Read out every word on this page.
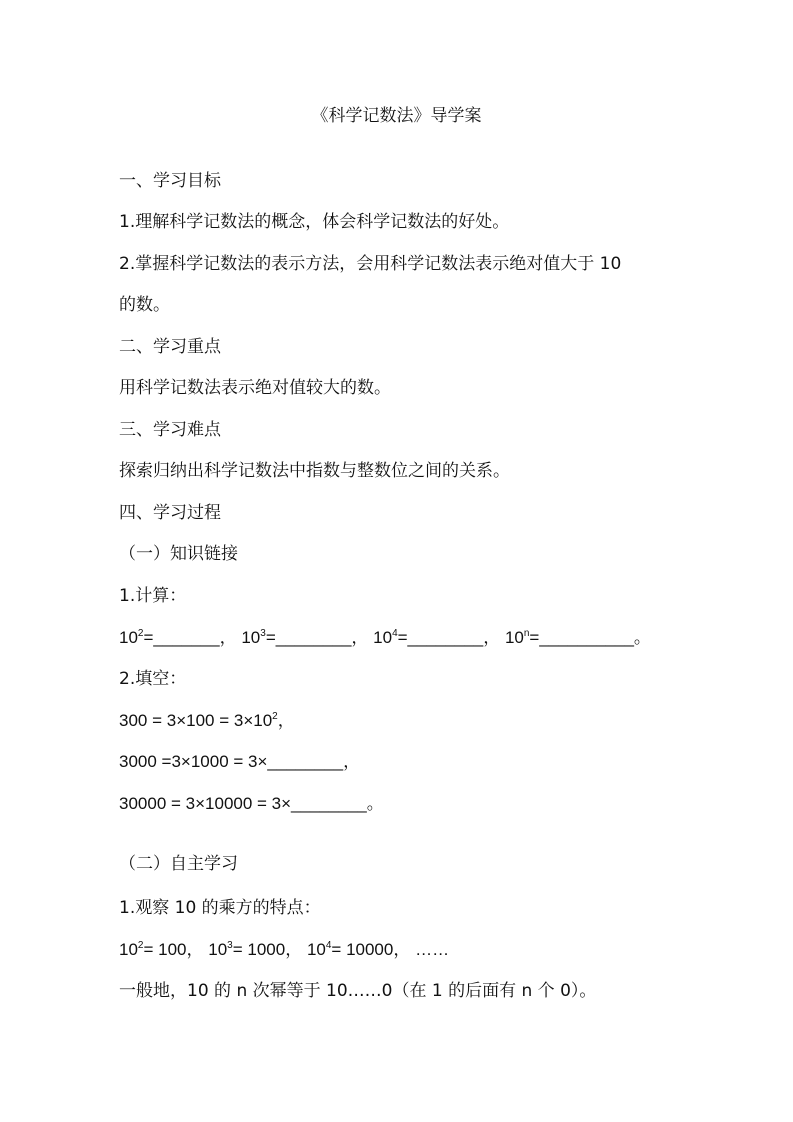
《科学记数法》导学案
一、学习目标
1.理解科学记数法的概念，体会科学记数法的好处。
2.掌握科学记数法的表示方法，会用科学记数法表示绝对值大于 10
的数。
二、学习重点
用科学记数法表示绝对值较大的数。
三、学习难点
探索归纳出科学记数法中指数与整数位之间的关系。
四、学习过程
（一）知识链接
1.计算：
$10^2=\_\_\_\_\_\_\_$， $10^3=\_\_\_\_\_\_\_\_$， $10^4=\_\_\_\_\_\_\_\_$， $10^n=\_\_\_\_\_\_\_\_\_\_$。
2.填空：
$300 = 3\times 100 = 3\times 10^2$，
3000 =3×1000 = 3×________，
30000 = 3×10000 = 3×________。
（二）自主学习
1.观察 10 的乘方的特点：
$10^2= 100$， $10^3= 1000$， $10^4= 10000$， ……
一般地，10 的 n 次幂等于 10……0（在 1 的后面有 n 个 0）。
